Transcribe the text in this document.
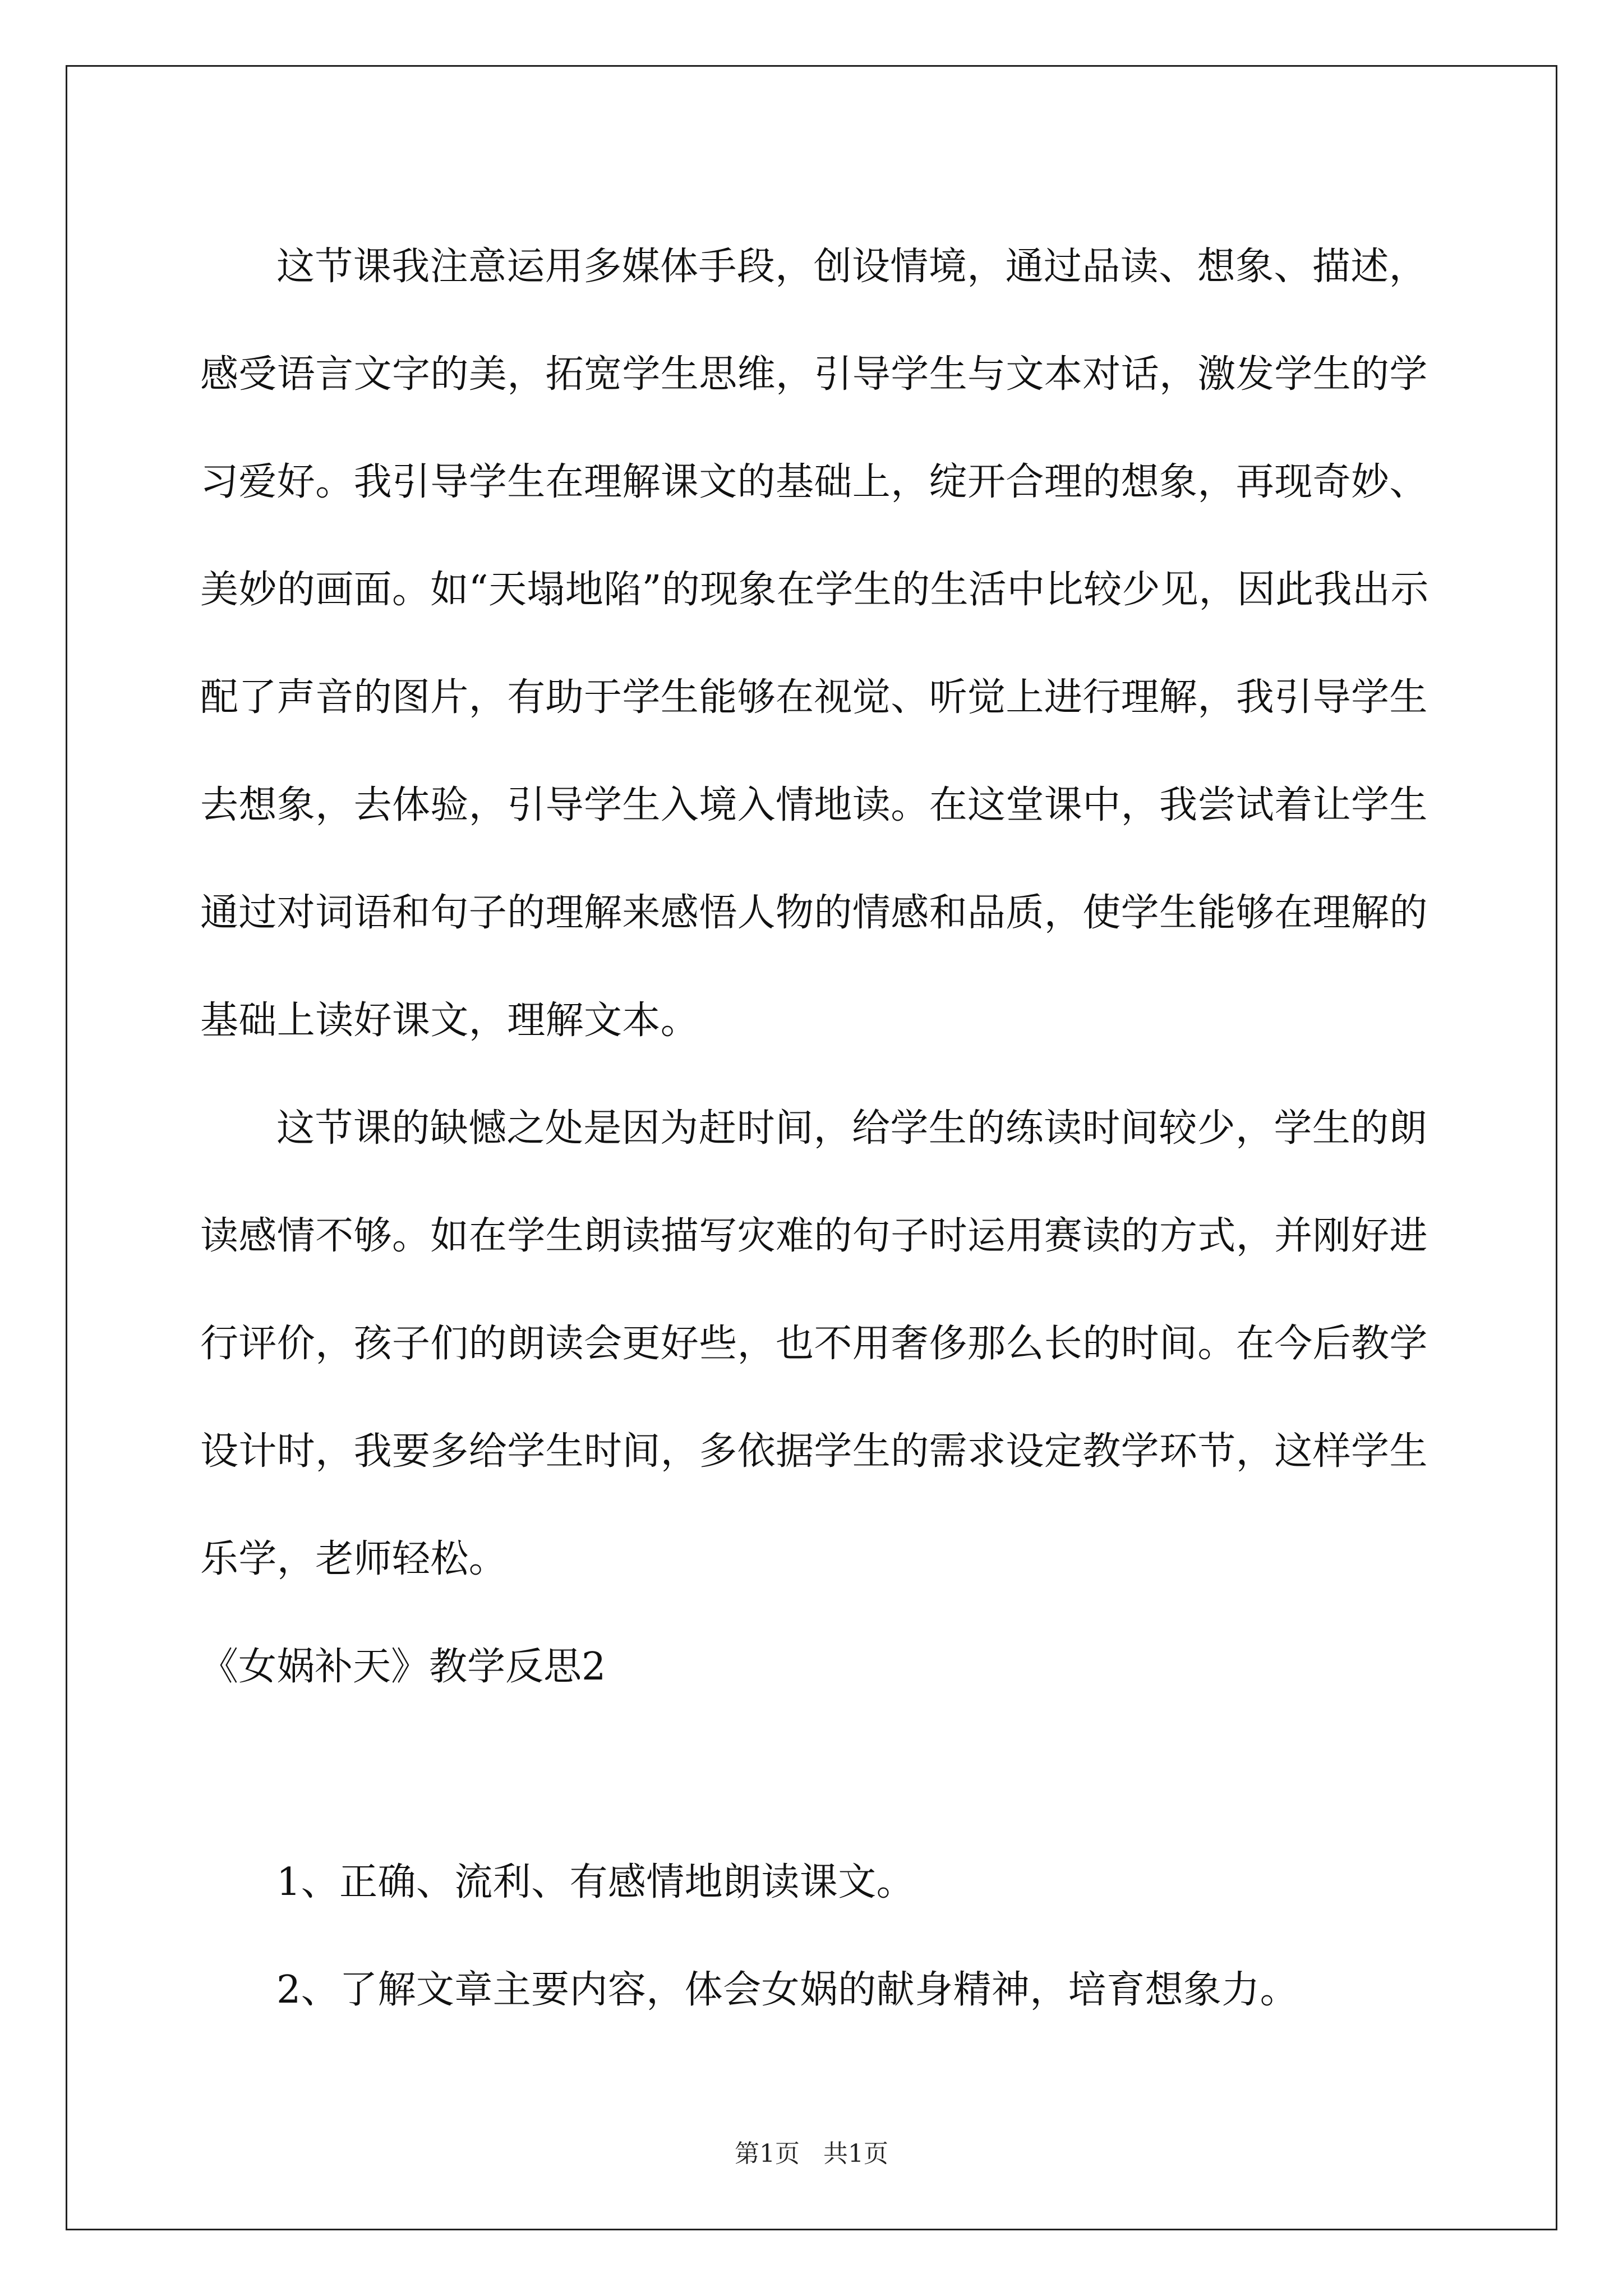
这节课我注意运用多媒体手段，创设情境，通过品读、想象、描述，感受语言文字的美，拓宽学生思维，引导学生与文本对话，激发学生的学习爱好。我引导学生在理解课文的基础上，绽开合理的想象，再现奇妙、美妙的画面。如“天塌地陷”的现象在学生的生活中比较少见，因此我出示配了声音的图片，有助于学生能够在视觉、听觉上进行理解，我引导学生去想象，去体验，引导学生入境入情地读。在这堂课中，我尝试着让学生通过对词语和句子的理解来感悟人物的情感和品质，使学生能够在理解的基础上读好课文，理解文本。

这节课的缺憾之处是因为赶时间，给学生的练读时间较少，学生的朗读感情不够。如在学生朗读描写灾难的句子时运用赛读的方式，并刚好进行评价，孩子们的朗读会更好些，也不用奢侈那么长的时间。在今后教学设计时，我要多给学生时间，多依据学生的需求设定教学环节，这样学生乐学，老师轻松。

《女娲补天》教学反思2

1、正确、流利、有感情地朗读课文。

2、了解文章主要内容，体会女娲的献身精神，培育想象力。

第1页 共1页
